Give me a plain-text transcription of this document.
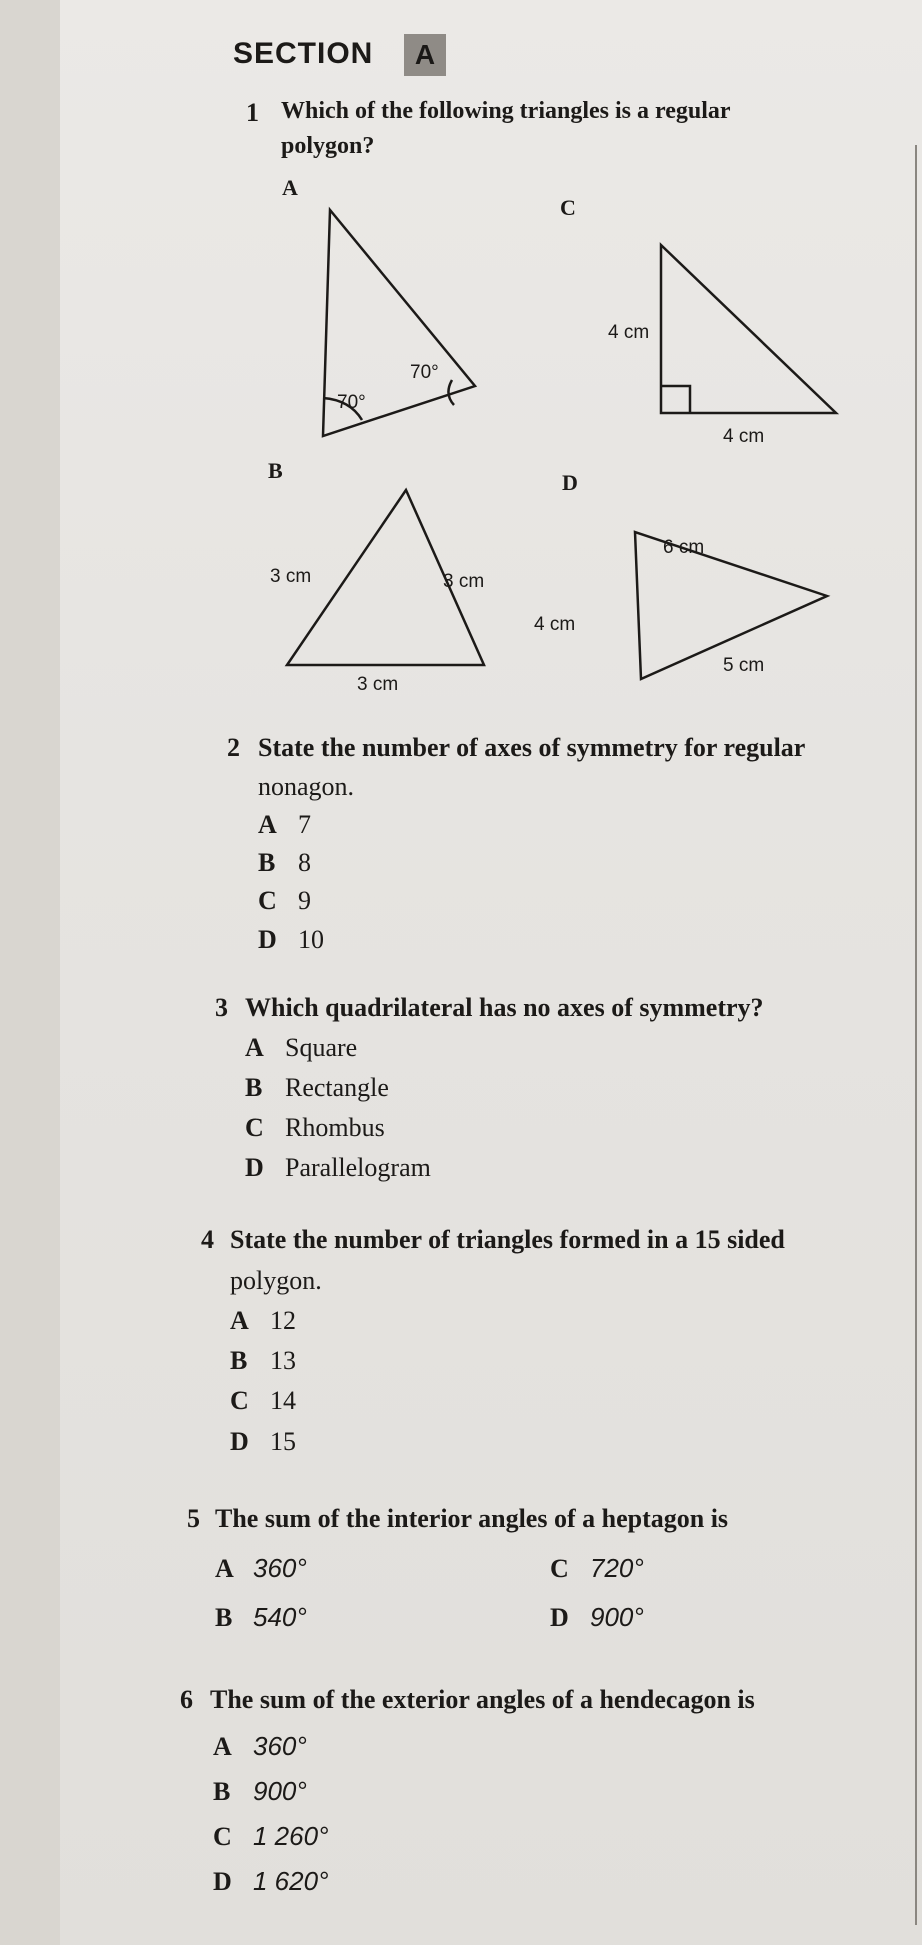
SECTION	A
1 Which of the following triangles is a regular
polygon?
A
C
B	D
70°
70°
4 cm
4 cm
3 cm	3 cm
3 cm
6 cm
4 cm
5 cm
2 State the number of axes of symmetry for regular
nonagon.
A 7
B 8
C 9
D 10
3 Which quadrilateral has no axes of symmetry?
A Square
B Rectangle
C Rhombus
D Parallelogram
4 State the number of triangles formed in a 15 sided
polygon.
A 12
B 13
C 14
D 15
5 The sum of the interior angles of a heptagon is
A 360°	C 720°
B 540°	D 900°
6 The sum of the exterior angles of a hendecagon is
A 360°
B 900°
C 1 260°
D 1 620°
